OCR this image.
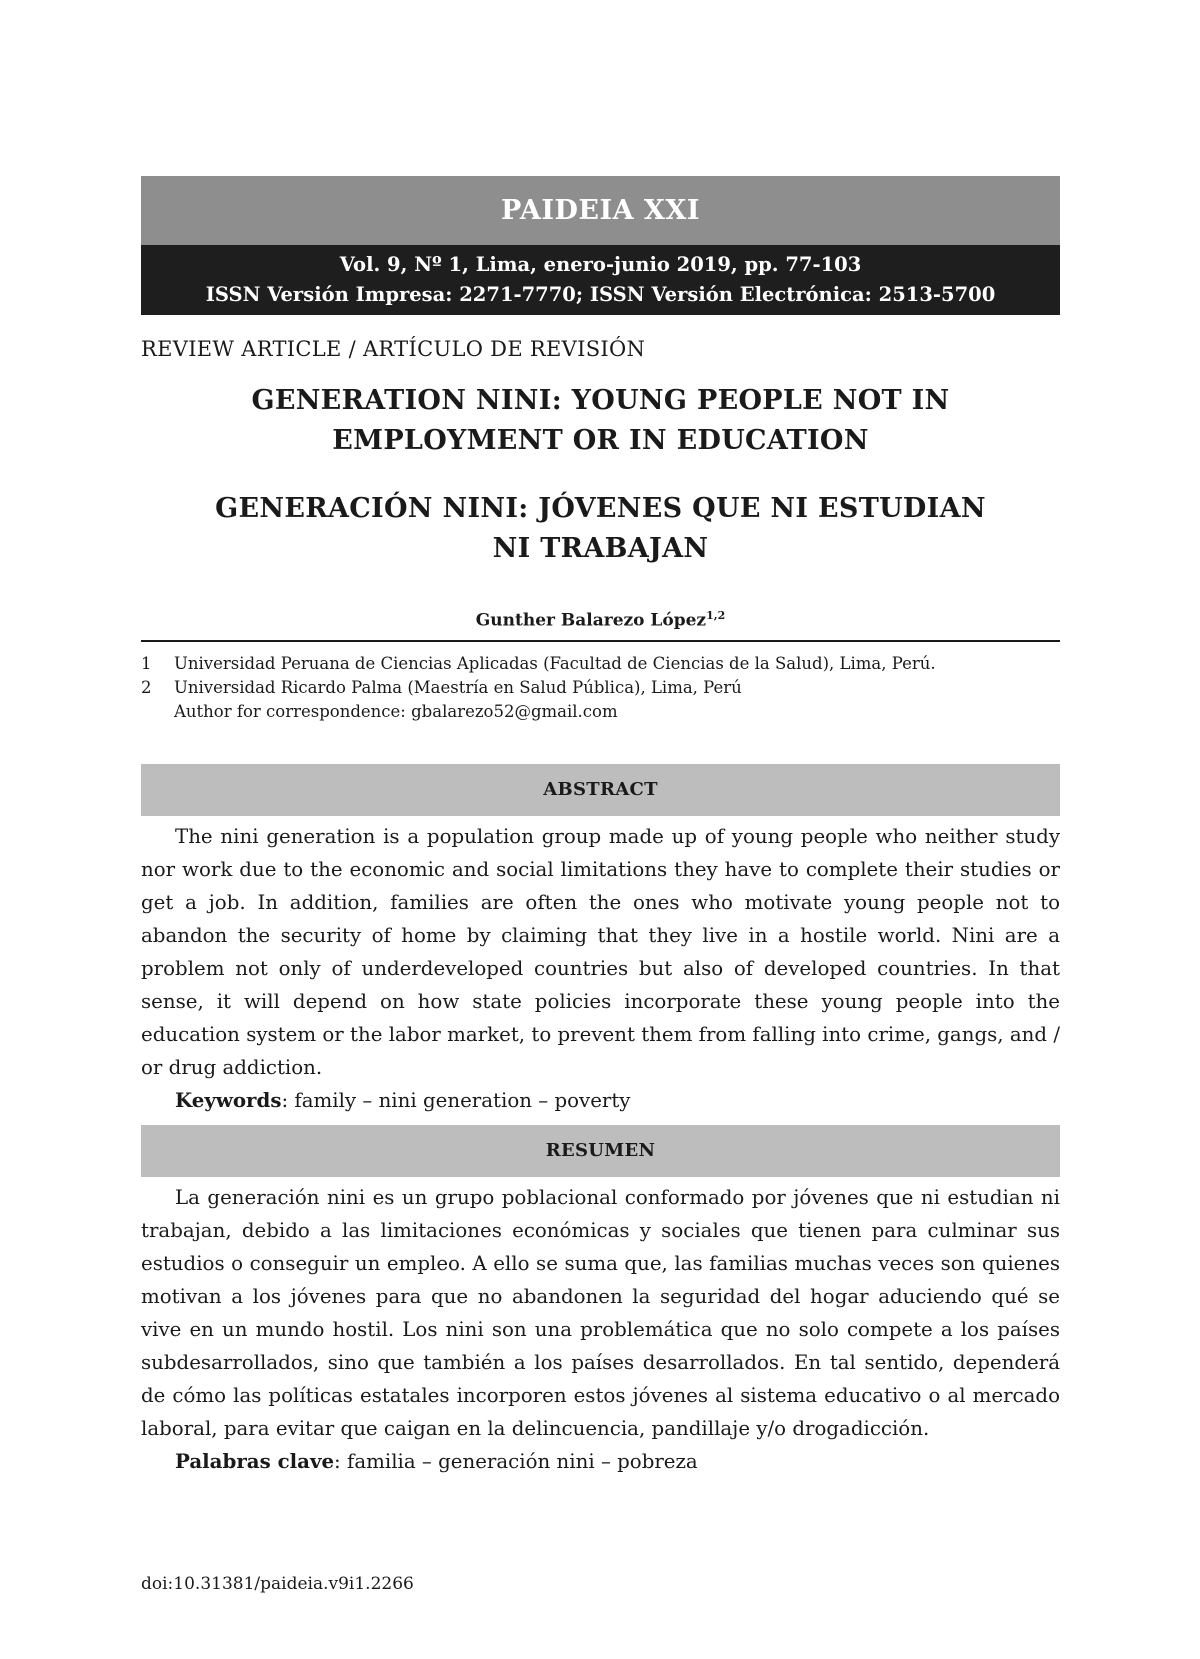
PAIDEIA XXI
Vol. 9, Nº 1, Lima, enero-junio 2019, pp. 77-103
ISSN Versión Impresa: 2271-7770; ISSN Versión Electrónica: 2513-5700
REVIEW ARTICLE / ARTÍCULO DE REVISIÓN
GENERATION NINI: YOUNG PEOPLE NOT IN
EMPLOYMENT OR IN EDUCATION
GENERACIÓN NINI: JÓVENES QUE NI ESTUDIAN
NI TRABAJAN
Gunther Balarezo López$^{1,2}$
1	Universidad Peruana de Ciencias Aplicadas (Facultad de Ciencias de la Salud), Lima, Perú.
2	Universidad Ricardo Palma (Maestría en Salud Pública), Lima, Perú
Author for correspondence: gbalarezo52@gmail.com
ABSTRACT

The nini generation is a population group made up of young people who neither study nor work due to the economic and social limitations they have to complete their studies or get a job. In addition, families are often the ones who motivate young people not to abandon the security of home by claiming that they live in a hostile world. Nini are a problem not only of underdeveloped countries but also of developed countries. In that sense, it will depend on how state policies incorporate these young people into the education system or the labor market, to prevent them from falling into crime, gangs, and / or drug addiction.

Keywords: family – nini generation – poverty

RESUMEN

La generación nini es un grupo poblacional conformado por jóvenes que ni estudian ni trabajan, debido a las limitaciones económicas y sociales que tienen para culminar sus estudios o conseguir un empleo. A ello se suma que, las familias muchas veces son quienes motivan a los jóvenes para que no abandonen la seguridad del hogar aduciendo qué se vive en un mundo hostil. Los nini son una problemática que no solo compete a los países subdesarrollados, sino que también a los países desarrollados. En tal sentido, dependerá de cómo las políticas estatales incorporen estos jóvenes al sistema educativo o al mercado laboral, para evitar que caigan en la delincuencia, pandillaje y/o drogadicción.

Palabras clave: familia – generación nini – pobreza

doi:10.31381/paideia.v9i1.2266
